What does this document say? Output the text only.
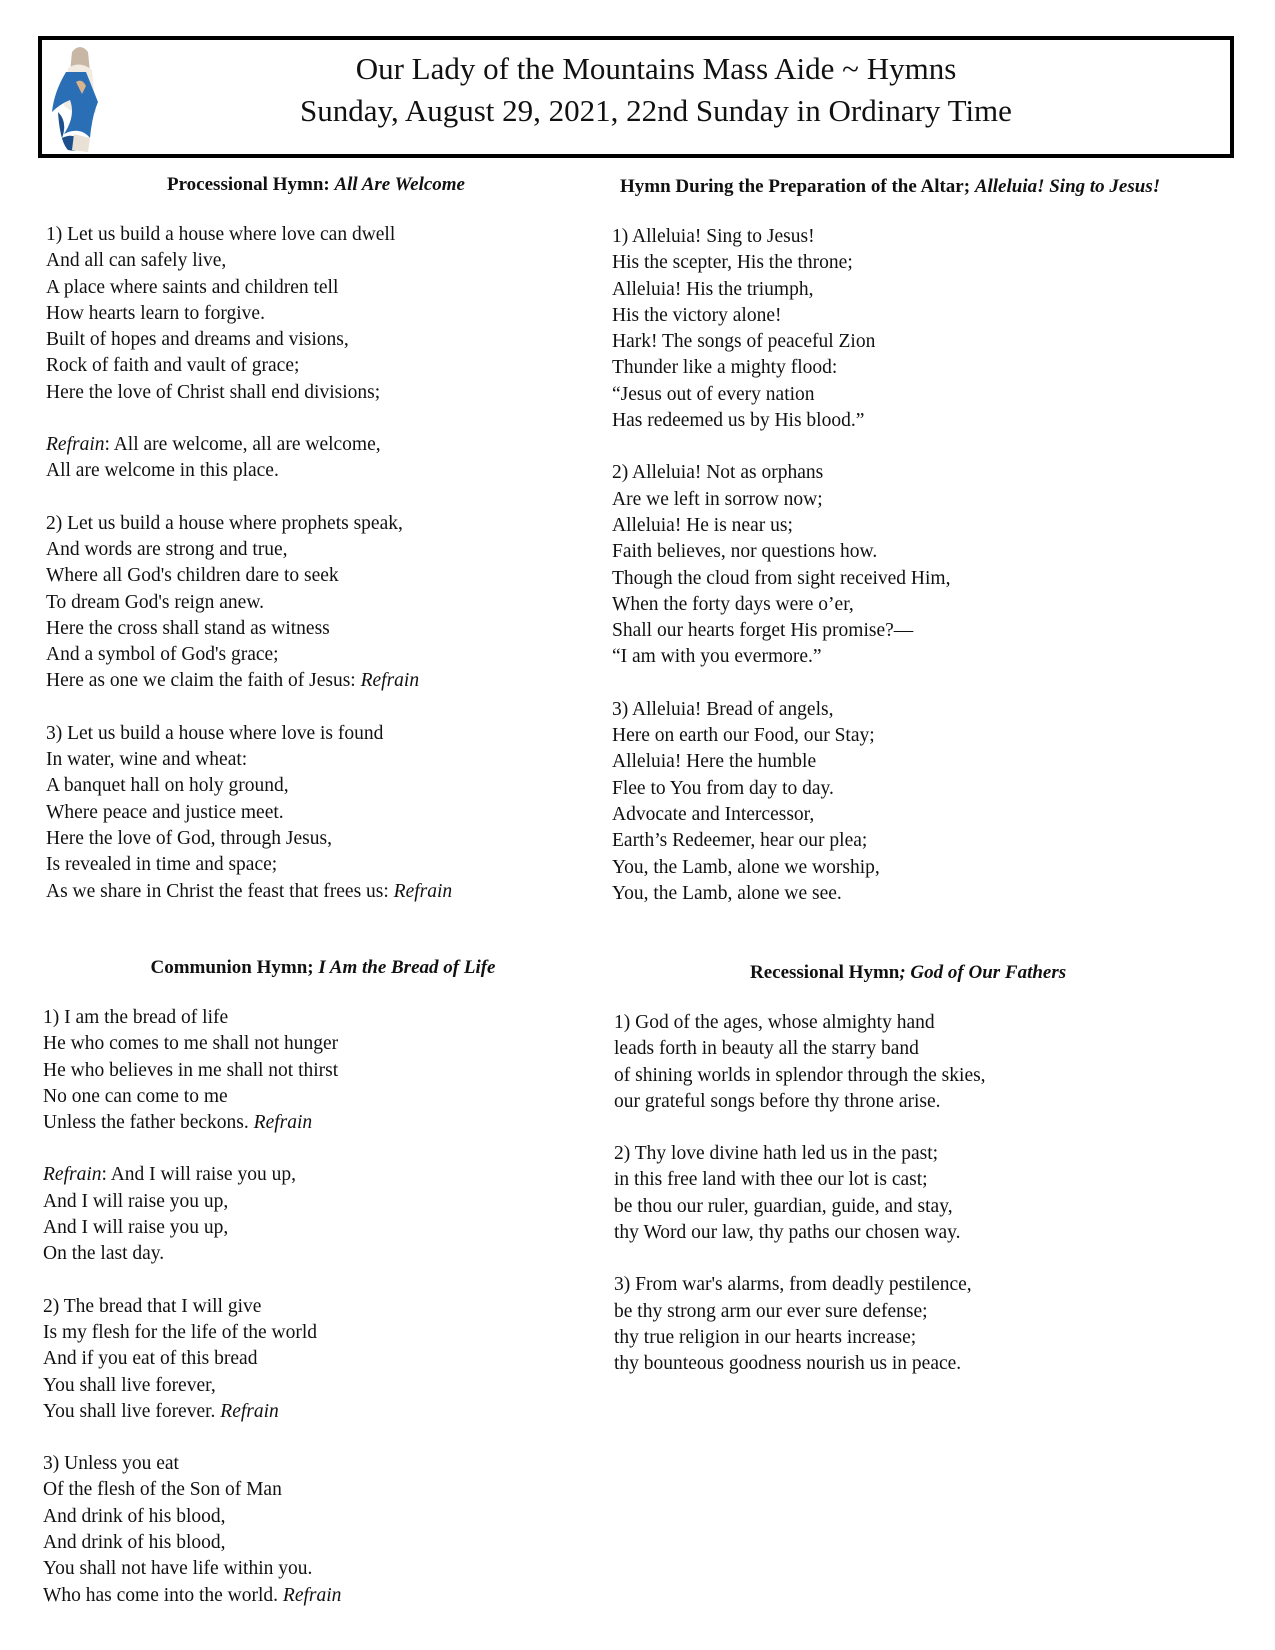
Our Lady of the Mountains Mass Aide ~ Hymns
Sunday, August 29, 2021, 22nd Sunday in Ordinary Time
Processional Hymn: All Are Welcome
1) Let us build a house where love can dwell
And all can safely live,
A place where saints and children tell
How hearts learn to forgive.
Built of hopes and dreams and visions,
Rock of faith and vault of grace;
Here the love of Christ shall end divisions;
Refrain: All are welcome, all are welcome,
All are welcome in this place.
2) Let us build a house where prophets speak,
And words are strong and true,
Where all God's children dare to seek
To dream God's reign anew.
Here the cross shall stand as witness
And a symbol of God's grace;
Here as one we claim the faith of Jesus: Refrain
3) Let us build a house where love is found
In water, wine and wheat:
A banquet hall on holy ground,
Where peace and justice meet.
Here the love of God, through Jesus,
Is revealed in time and space;
As we share in Christ the feast that frees us: Refrain
Hymn During the Preparation of the Altar; Alleluia! Sing to Jesus!
1) Alleluia! Sing to Jesus!
His the scepter, His the throne;
Alleluia! His the triumph,
His the victory alone!
Hark! The songs of peaceful Zion
Thunder like a mighty flood:
“Jesus out of every nation
Has redeemed us by His blood.”
2) Alleluia! Not as orphans
Are we left in sorrow now;
Alleluia! He is near us;
Faith believes, nor questions how.
Though the cloud from sight received Him,
When the forty days were o’er,
Shall our hearts forget His promise?—
“I am with you evermore.”
3) Alleluia! Bread of angels,
Here on earth our Food, our Stay;
Alleluia! Here the humble
Flee to You from day to day.
Advocate and Intercessor,
Earth’s Redeemer, hear our plea;
You, the Lamb, alone we worship,
You, the Lamb, alone we see.
Communion Hymn; I Am the Bread of Life
1) I am the bread of life
He who comes to me shall not hunger
He who believes in me shall not thirst
No one can come to me
Unless the father beckons. Refrain
Refrain: And I will raise you up,
And I will raise you up,
And I will raise you up,
On the last day.
2) The bread that I will give
Is my flesh for the life of the world
And if you eat of this bread
You shall live forever,
You shall live forever. Refrain
3) Unless you eat
Of the flesh of the Son of Man
And drink of his blood,
And drink of his blood,
You shall not have life within you.
Who has come into the world. Refrain
Recessional Hymn; God of Our Fathers
1) God of the ages, whose almighty hand
leads forth in beauty all the starry band
of shining worlds in splendor through the skies,
our grateful songs before thy throne arise.
2) Thy love divine hath led us in the past;
in this free land with thee our lot is cast;
be thou our ruler, guardian, guide, and stay,
thy Word our law, thy paths our chosen way.
3) From war's alarms, from deadly pestilence,
be thy strong arm our ever sure defense;
thy true religion in our hearts increase;
thy bounteous goodness nourish us in peace.
